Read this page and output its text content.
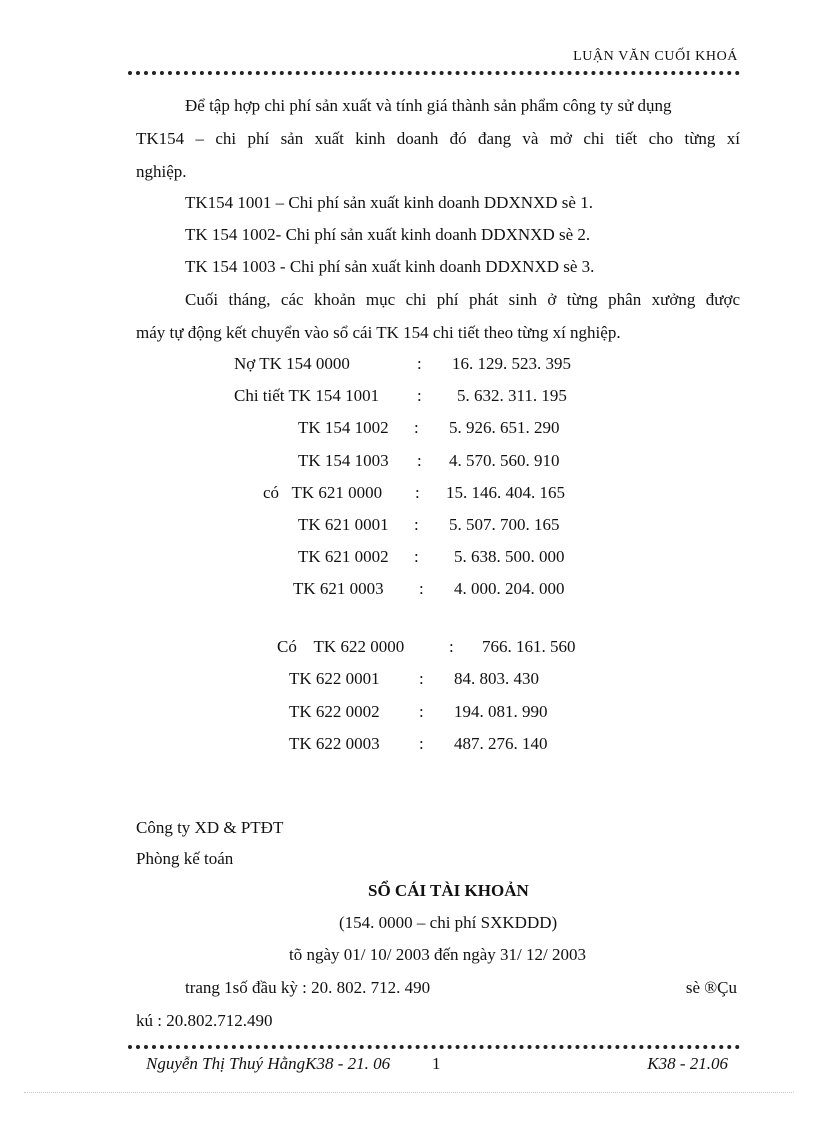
LUẬN VĂN CUỐI KHOÁ
Để tập hợp chi phí sản xuất và tính giá thành sản phẩm công ty sử dụng
TK154 – chi phí sản xuất kinh doanh đó đang và mở chi tiết cho từng xí
nghiệp.
TK154 1001 – Chi phí sản xuất kinh doanh DDXNXD sè 1.
TK 154 1002- Chi phí sản xuất kinh doanh DDXNXD sè 2.
TK 154 1003 - Chi phí sản xuất kinh doanh DDXNXD sè 3.
Cuối tháng, các khoản mục chi phí phát sinh ở từng phân xưởng được
máy tự động kết chuyển vào sổ cái TK 154 chi tiết theo từng xí nghiệp.
Nợ TK 154 0000	: 16. 129. 523. 395
Chi tiết TK 154 1001 : 5. 632. 311. 195
TK 154 1002 : 5. 926. 651. 290
TK 154 1003 : 4. 570. 560. 910
có   TK 621 0000 : 15. 146. 404. 165
TK 621 0001 : 5. 507. 700. 165
TK 621 0002 : 5. 638. 500. 000
TK 621 0003 : 4. 000. 204. 000
Có    TK 622 0000	: 766. 161. 560
TK 622 0001 : 84. 803. 430
TK 622 0002 : 194. 081. 990
TK 622 0003 : 487. 276. 140
Công ty XD & PTĐT
Phòng kế toán
SỔ CÁI TÀI KHOẢN
(154. 0000 – chi phí SXKDDD)
tõ ngày 01/ 10/ 2003 đến ngày 31/ 12/ 2003
trang 1số đầu kỳ : 20. 802. 712. 490	sè ®Çu
kú : 20.802.712.490
Nguyễn Thị Thuý HằngK38 - 21. 06 1	K38 - 21.06
